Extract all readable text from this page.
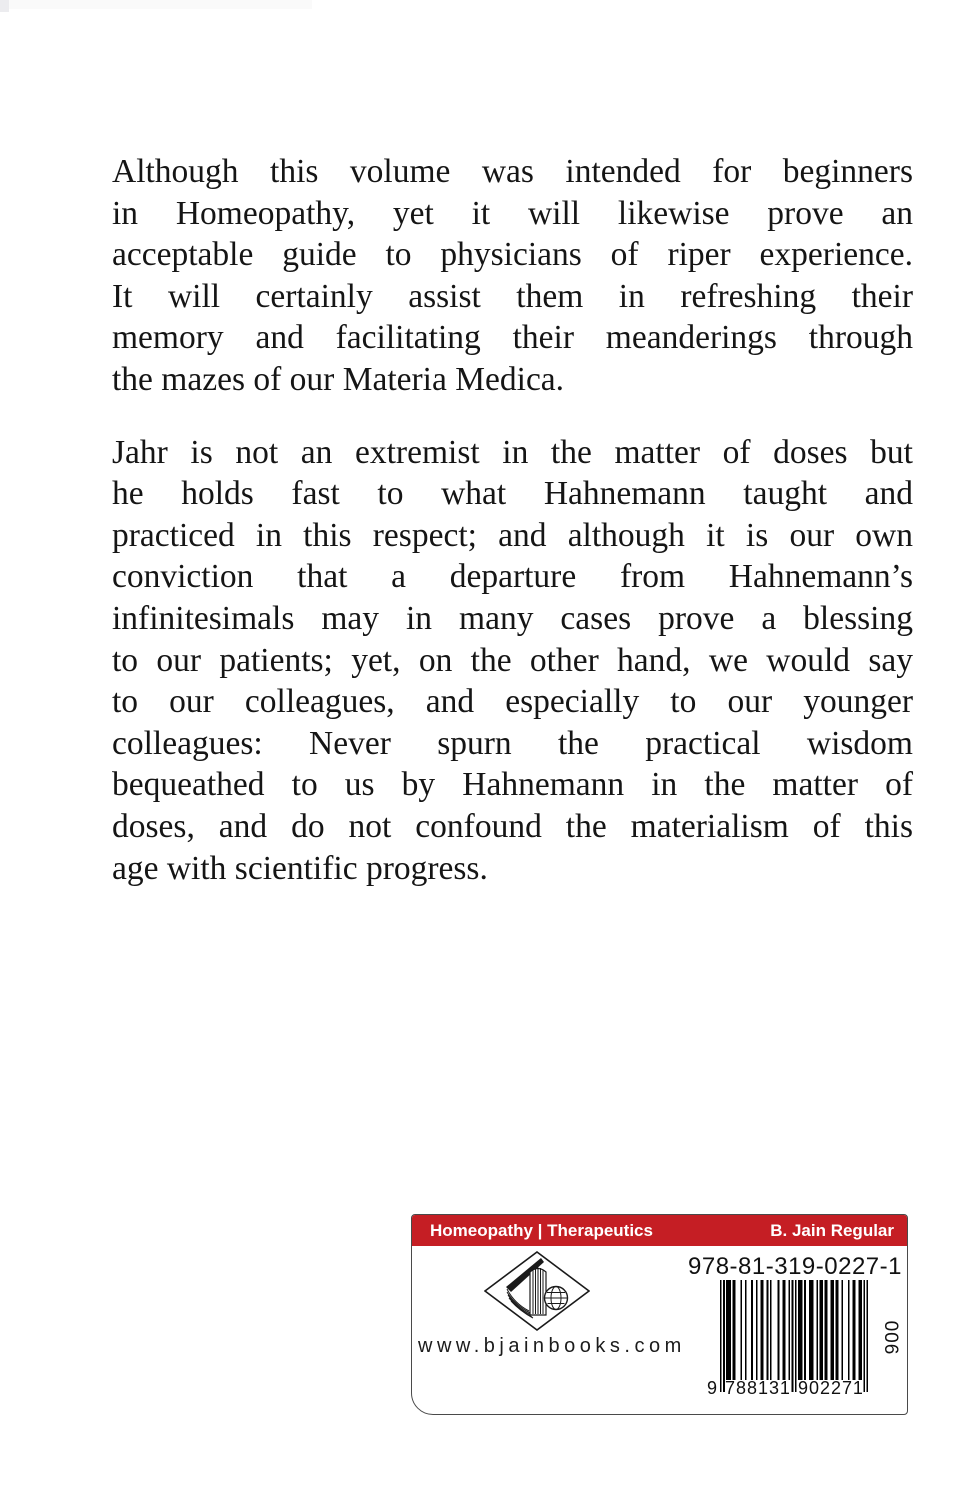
Although this volume was intended for beginners
in Homeopathy, yet it will likewise prove an
acceptable guide to physicians of riper experience.
It will certainly assist them in refreshing their
memory and facilitating their meanderings through
the mazes of our Materia Medica.
Jahr is not an extremist in the matter of doses but
he holds fast to what Hahnemann taught and
practiced in this respect; and although it is our own
conviction that a departure from Hahnemann’s
infinitesimals may in many cases prove a blessing
to our patients; yet, on the other hand, we would say
to our colleagues, and especially to our younger
colleagues: Never spurn the practical wisdom
bequeathed to us by Hahnemann in the matter of
doses, and do not confound the materialism of this
age with scientific progress.
Homeopathy | Therapeutics	B. Jain Regular
www.bjainbooks.com
978-81-319-0227-1
9 7 8 8 1 3 1 9 0 2 2 7 1
900
